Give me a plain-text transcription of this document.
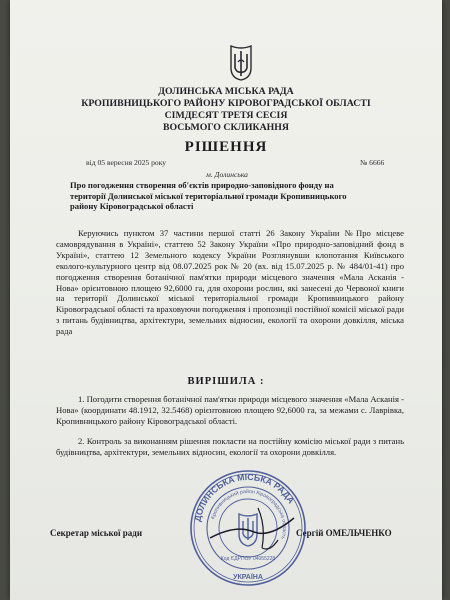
ДОЛИНСЬКА МІСЬКА РАДА
КРОПИВНИЦЬКОГО РАЙОНУ КІРОВОГРАДСЬКОЇ ОБЛАСТІ
СІМДЕСЯТ ТРЕТЯ СЕСІЯ
ВОСЬМОГО СКЛИКАННЯ
РІШЕННЯ
від 05 вересня 2025 року	№ 6666
м. Долинська
Про погодження створення об'єктів природно-заповідного фонду на території Долинської міської територіальної громади Кропивницького району Кіровоградської області
Керуючись пунктом 37 частини першої статті 26 Закону України №Про місцеве самоврядування в Україні», статтею 52 Закону України «Про природно-заповідний фонд в Україні», статтею 12 Земельного кодексу України Розглянувши клопотання Київського еколого-культурного центр від 08.07.2025 рок № 20 (вх. від 15.07.2025 р. № 484/01-41) про погодження створення ботанічної пам'ятки природи місцевого значення «Мала Асканія - Нова» орієнтовною площею 92,6000 га, для охорони рослин, які занесені до Червоної книги на території Долинської міської територіальної громади Кропивницького району Кіровоградської області та враховуючи погодження і пропозиції постійної комісії міської ради з питань будівництва, архітектури, земельних відносин, екології та охорони довкілля, міська рада
ВИРІШИЛА :
1. Погодити створення ботанічної пам'ятки природи місцевого значення «Мала Асканія - Нова» (координати 48.1912, 32.5468) орієнтовною площею 92,6000 га, за межами с. Лаврівка, Кропивницького району Кіровоградської області.
2. Контроль за виконанням рішення покласти на постійну комісію міської ради з питань будівництва, архітектури, земельних відносин, екології та охорони довкілля.
Секретар міської ради	Сергій ОМЕЛЬЧЕНКО
ДОЛИНСЬКА МІСЬКА РАДА
Кропивницький район Кіровоградська область
Код ЄДРПОУ 04055228
УКРАЇНА
